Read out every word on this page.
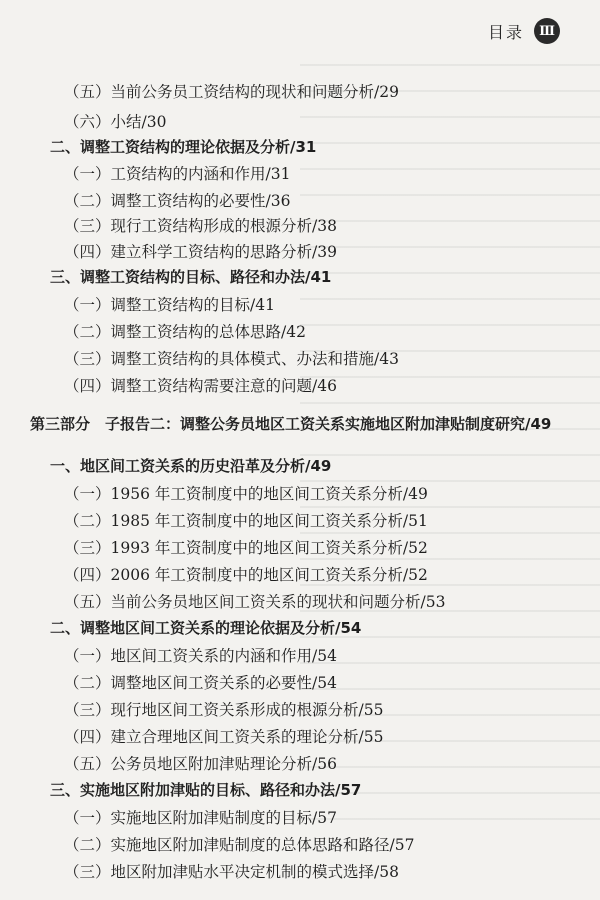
目录	Ⅲ
（五）当前公务员工资结构的现状和问题分析/29
（六）小结/30
二、调整工资结构的理论依据及分析/31
（一）工资结构的内涵和作用/31
（二）调整工资结构的必要性/36
（三）现行工资结构形成的根源分析/38
（四）建立科学工资结构的思路分析/39
三、调整工资结构的目标、路径和办法/41
（一）调整工资结构的目标/41
（二）调整工资结构的总体思路/42
（三）调整工资结构的具体模式、办法和措施/43
（四）调整工资结构需要注意的问题/46
第三部分　子报告二：调整公务员地区工资关系实施地区附加津贴制度研究/49
一、地区间工资关系的历史沿革及分析/49
（一）1956 年工资制度中的地区间工资关系分析/49
（二）1985 年工资制度中的地区间工资关系分析/51
（三）1993 年工资制度中的地区间工资关系分析/52
（四）2006 年工资制度中的地区间工资关系分析/52
（五）当前公务员地区间工资关系的现状和问题分析/53
二、调整地区间工资关系的理论依据及分析/54
（一）地区间工资关系的内涵和作用/54
（二）调整地区间工资关系的必要性/54
（三）现行地区间工资关系形成的根源分析/55
（四）建立合理地区间工资关系的理论分析/55
（五）公务员地区附加津贴理论分析/56
三、实施地区附加津贴的目标、路径和办法/57
（一）实施地区附加津贴制度的目标/57
（二）实施地区附加津贴制度的总体思路和路径/57
（三）地区附加津贴水平决定机制的模式选择/58
